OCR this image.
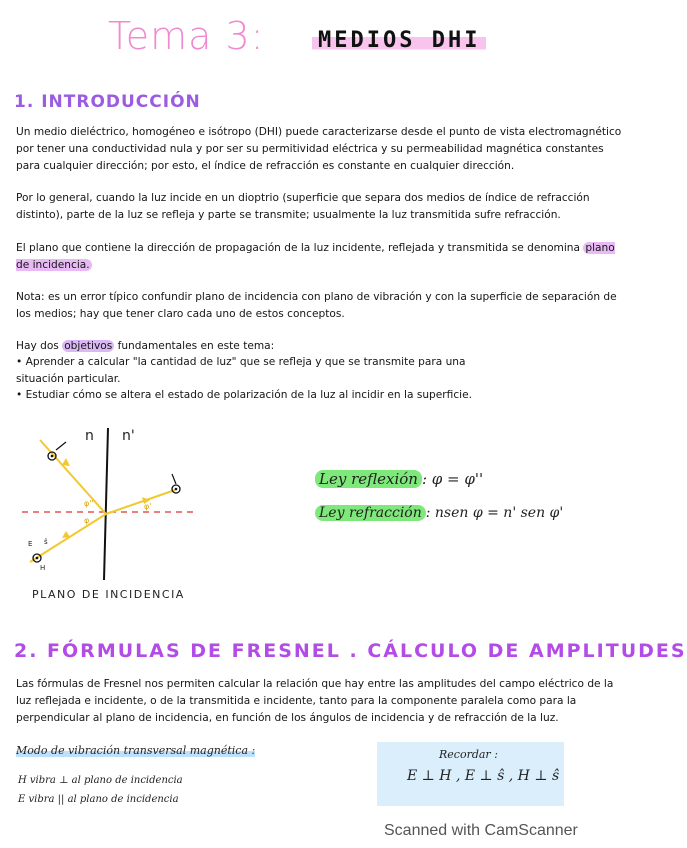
Tema 3: MEDIOS DHI
1. INTRODUCCIÓN
Un medio dieléctrico, homogéneo e isótropo (DHI) puede caracterizarse desde el punto de vista electromagnético por tener una conductividad nula y por ser su permitividad eléctrica y su permeabilidad magnética constantes para cualquier dirección; por esto, el índice de refracción es constante en cualquier dirección.
Por lo general, cuando la luz incide en un dioptrio (superficie que separa dos medios de índice de refracción distinto), parte de la luz se refleja y parte se transmite; usualmente la luz transmitida sufre refracción.
El plano que contiene la dirección de propagación de la luz incidente, reflejada y transmitida se denomina plano de incidencia.
Nota: es un error típico confundir plano de incidencia con plano de vibración y con la superficie de separación de los medios; hay que tener claro cada uno de estos conceptos.
Hay dos objetivos fundamentales en este tema:
• Aprender a calcular "la cantidad de luz" que se refleja y que se transmite para una situación particular.
• Estudiar cómo se altera el estado de polarización de la luz al incidir en la superficie.
n n'
φ''
φ
φ'
E ŝ
H
PLANO DE INCIDENCIA
Ley reflexión : φ = φ''
Ley refracción : nsen φ = n' sen φ'
2. FÓRMULAS DE FRESNEL . CÁLCULO DE AMPLITUDES
Las fórmulas de Fresnel nos permiten calcular la relación que hay entre las amplitudes del campo eléctrico de la luz reflejada e incidente, o de la transmitida e incidente, tanto para la componente paralela como para la perpendicular al plano de incidencia, en función de los ángulos de incidencia y de refracción de la luz.
Modo de vibración transversal magnética :
H vibra ⊥ al plano de incidencia
E vibra || al plano de incidencia
Recordar :
E ⊥ H , E ⊥ ŝ , H ⊥ ŝ
Scanned with CamScanner
